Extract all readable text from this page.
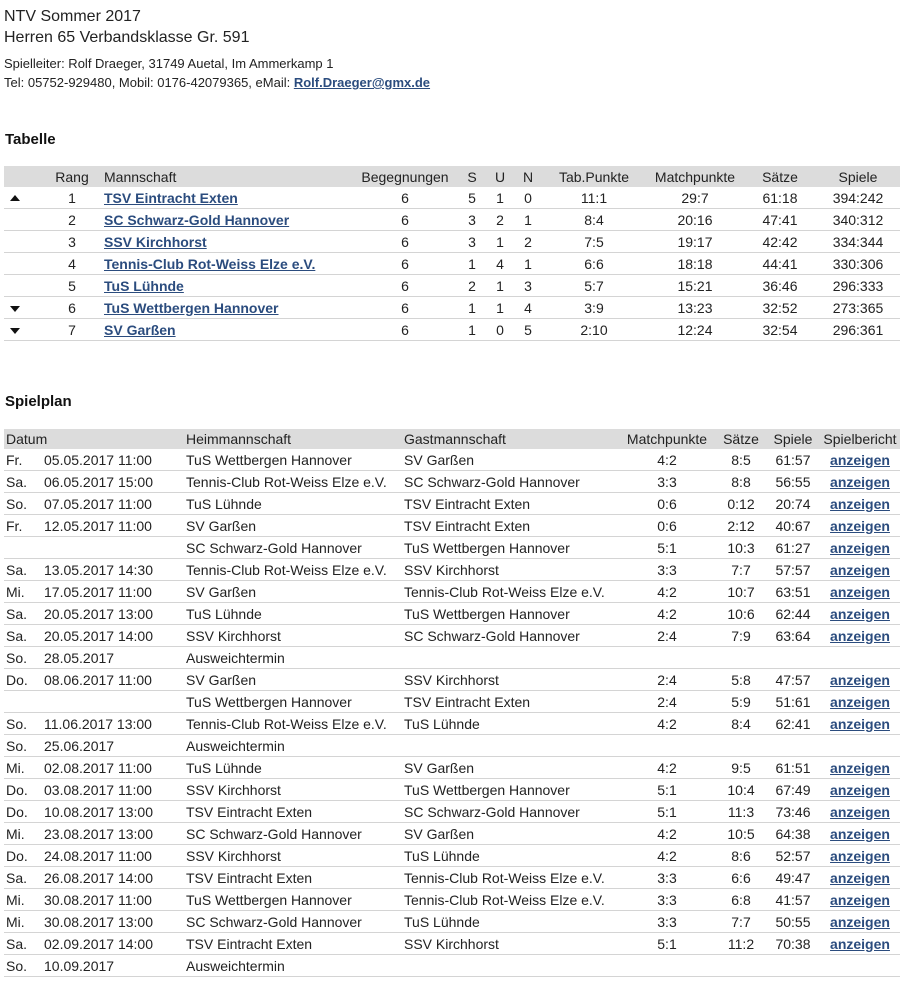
NTV Sommer 2017
Herren 65 Verbandsklasse Gr. 591
Spielleiter: Rolf Draeger, 31749 Auetal, Im Ammerkamp 1
Tel: 05752-929480, Mobil: 0176-42079365, eMail: Rolf.Draeger@gmx.de
Tabelle
	Rang	Mannschaft	Begegnungen	S	U	N	Tab.Punkte	Matchpunkte	Sätze	Spiele
	1	TSV Eintracht Exten	6	5	1	0	11:1	29:7	61:18	394:242
	2	SC Schwarz-Gold Hannover	6	3	2	1	8:4	20:16	47:41	340:312
	3	SSV Kirchhorst	6	3	1	2	7:5	19:17	42:42	334:344
	4	Tennis-Club Rot-Weiss Elze e.V.	6	1	4	1	6:6	18:18	44:41	330:306
	5	TuS Lühnde	6	2	1	3	5:7	15:21	36:46	296:333
	6	TuS Wettbergen Hannover	6	1	1	4	3:9	13:23	32:52	273:365
	7	SV Garßen	6	1	0	5	2:10	12:24	32:54	296:361
Spielplan
Datum		Heimmannschaft	Gastmannschaft	Matchpunkte	Sätze	Spiele	Spielbericht
Fr.	05.05.2017 11:00	TuS Wettbergen Hannover	SV Garßen	4:2	8:5	61:57	anzeigen
Sa.	06.05.2017 15:00	Tennis-Club Rot-Weiss Elze e.V.	SC Schwarz-Gold Hannover	3:3	8:8	56:55	anzeigen
So.	07.05.2017 11:00	TuS Lühnde	TSV Eintracht Exten	0:6	0:12	20:74	anzeigen
Fr.	12.05.2017 11:00	SV Garßen	TSV Eintracht Exten	0:6	2:12	40:67	anzeigen
		SC Schwarz-Gold Hannover	TuS Wettbergen Hannover	5:1	10:3	61:27	anzeigen
Sa.	13.05.2017 14:30	Tennis-Club Rot-Weiss Elze e.V.	SSV Kirchhorst	3:3	7:7	57:57	anzeigen
Mi.	17.05.2017 11:00	SV Garßen	Tennis-Club Rot-Weiss Elze e.V.	4:2	10:7	63:51	anzeigen
Sa.	20.05.2017 13:00	TuS Lühnde	TuS Wettbergen Hannover	4:2	10:6	62:44	anzeigen
Sa.	20.05.2017 14:00	SSV Kirchhorst	SC Schwarz-Gold Hannover	2:4	7:9	63:64	anzeigen
So.	28.05.2017	Ausweichtermin					
Do.	08.06.2017 11:00	SV Garßen	SSV Kirchhorst	2:4	5:8	47:57	anzeigen
		TuS Wettbergen Hannover	TSV Eintracht Exten	2:4	5:9	51:61	anzeigen
So.	11.06.2017 13:00	Tennis-Club Rot-Weiss Elze e.V.	TuS Lühnde	4:2	8:4	62:41	anzeigen
So.	25.06.2017	Ausweichtermin					
Mi.	02.08.2017 11:00	TuS Lühnde	SV Garßen	4:2	9:5	61:51	anzeigen
Do.	03.08.2017 11:00	SSV Kirchhorst	TuS Wettbergen Hannover	5:1	10:4	67:49	anzeigen
Do.	10.08.2017 13:00	TSV Eintracht Exten	SC Schwarz-Gold Hannover	5:1	11:3	73:46	anzeigen
Mi.	23.08.2017 13:00	SC Schwarz-Gold Hannover	SV Garßen	4:2	10:5	64:38	anzeigen
Do.	24.08.2017 11:00	SSV Kirchhorst	TuS Lühnde	4:2	8:6	52:57	anzeigen
Sa.	26.08.2017 14:00	TSV Eintracht Exten	Tennis-Club Rot-Weiss Elze e.V.	3:3	6:6	49:47	anzeigen
Mi.	30.08.2017 11:00	TuS Wettbergen Hannover	Tennis-Club Rot-Weiss Elze e.V.	3:3	6:8	41:57	anzeigen
Mi.	30.08.2017 13:00	SC Schwarz-Gold Hannover	TuS Lühnde	3:3	7:7	50:55	anzeigen
Sa.	02.09.2017 14:00	TSV Eintracht Exten	SSV Kirchhorst	5:1	11:2	70:38	anzeigen
So.	10.09.2017	Ausweichtermin					
